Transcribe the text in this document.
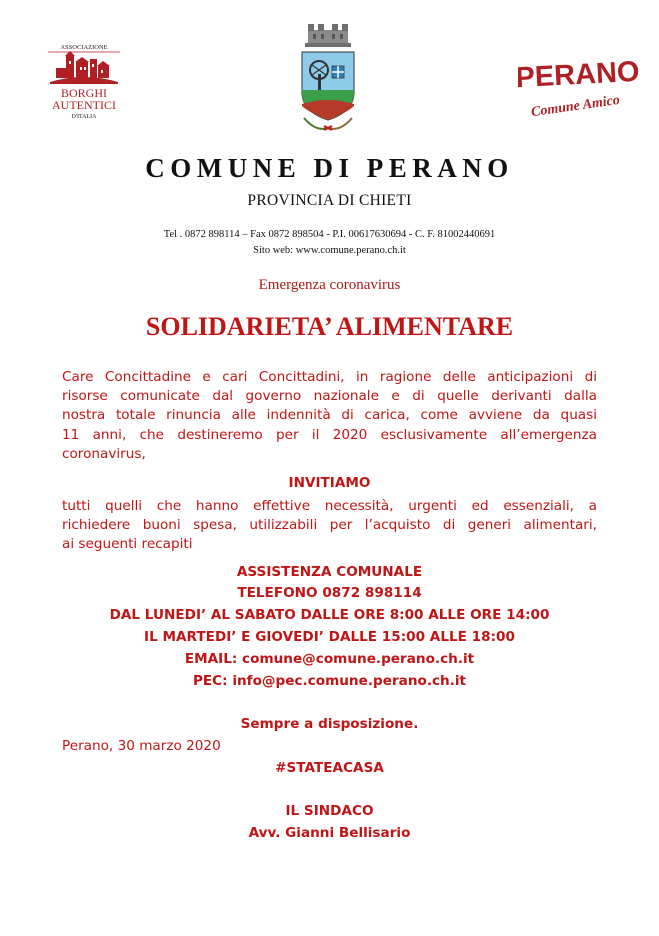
ASSOCIAZIONE
BORGHI
AUTENTICI
D'ITALIA
PERANO
Comune Amico
COMUNE DI PERANO
PROVINCIA DI CHIETI
Tel . 0872 898114 – Fax 0872 898504 - P.I. 00617630694 - C. F. 81002440691
Sito web: www.comune.perano.ch.it
Emergenza coronavirus
SOLIDARIETA’ ALIMENTARE
Care Concittadine e cari Concittadini, in ragione delle anticipazioni di
risorse comunicate dal governo nazionale e di quelle derivanti dalla
nostra totale rinuncia alle indennità di carica, come avviene da quasi
11 anni, che destineremo per il 2020 esclusivamente all’emergenza
coronavirus,
INVITIAMO
tutti quelli che hanno effettive necessità, urgenti ed essenziali, a
richiedere buoni spesa, utilizzabili per l’acquisto di generi alimentari,
ai seguenti recapiti
ASSISTENZA COMUNALE
TELEFONO 0872 898114
DAL LUNEDI’ AL SABATO DALLE ORE 8:00 ALLE ORE 14:00
IL MARTEDI’ E GIOVEDI’ DALLE 15:00 ALLE 18:00
EMAIL: comune@comune.perano.ch.it
PEC: info@pec.comune.perano.ch.it
Sempre a disposizione.
Perano, 30 marzo 2020
#STATEACASA
IL SINDACO
Avv. Gianni Bellisario
